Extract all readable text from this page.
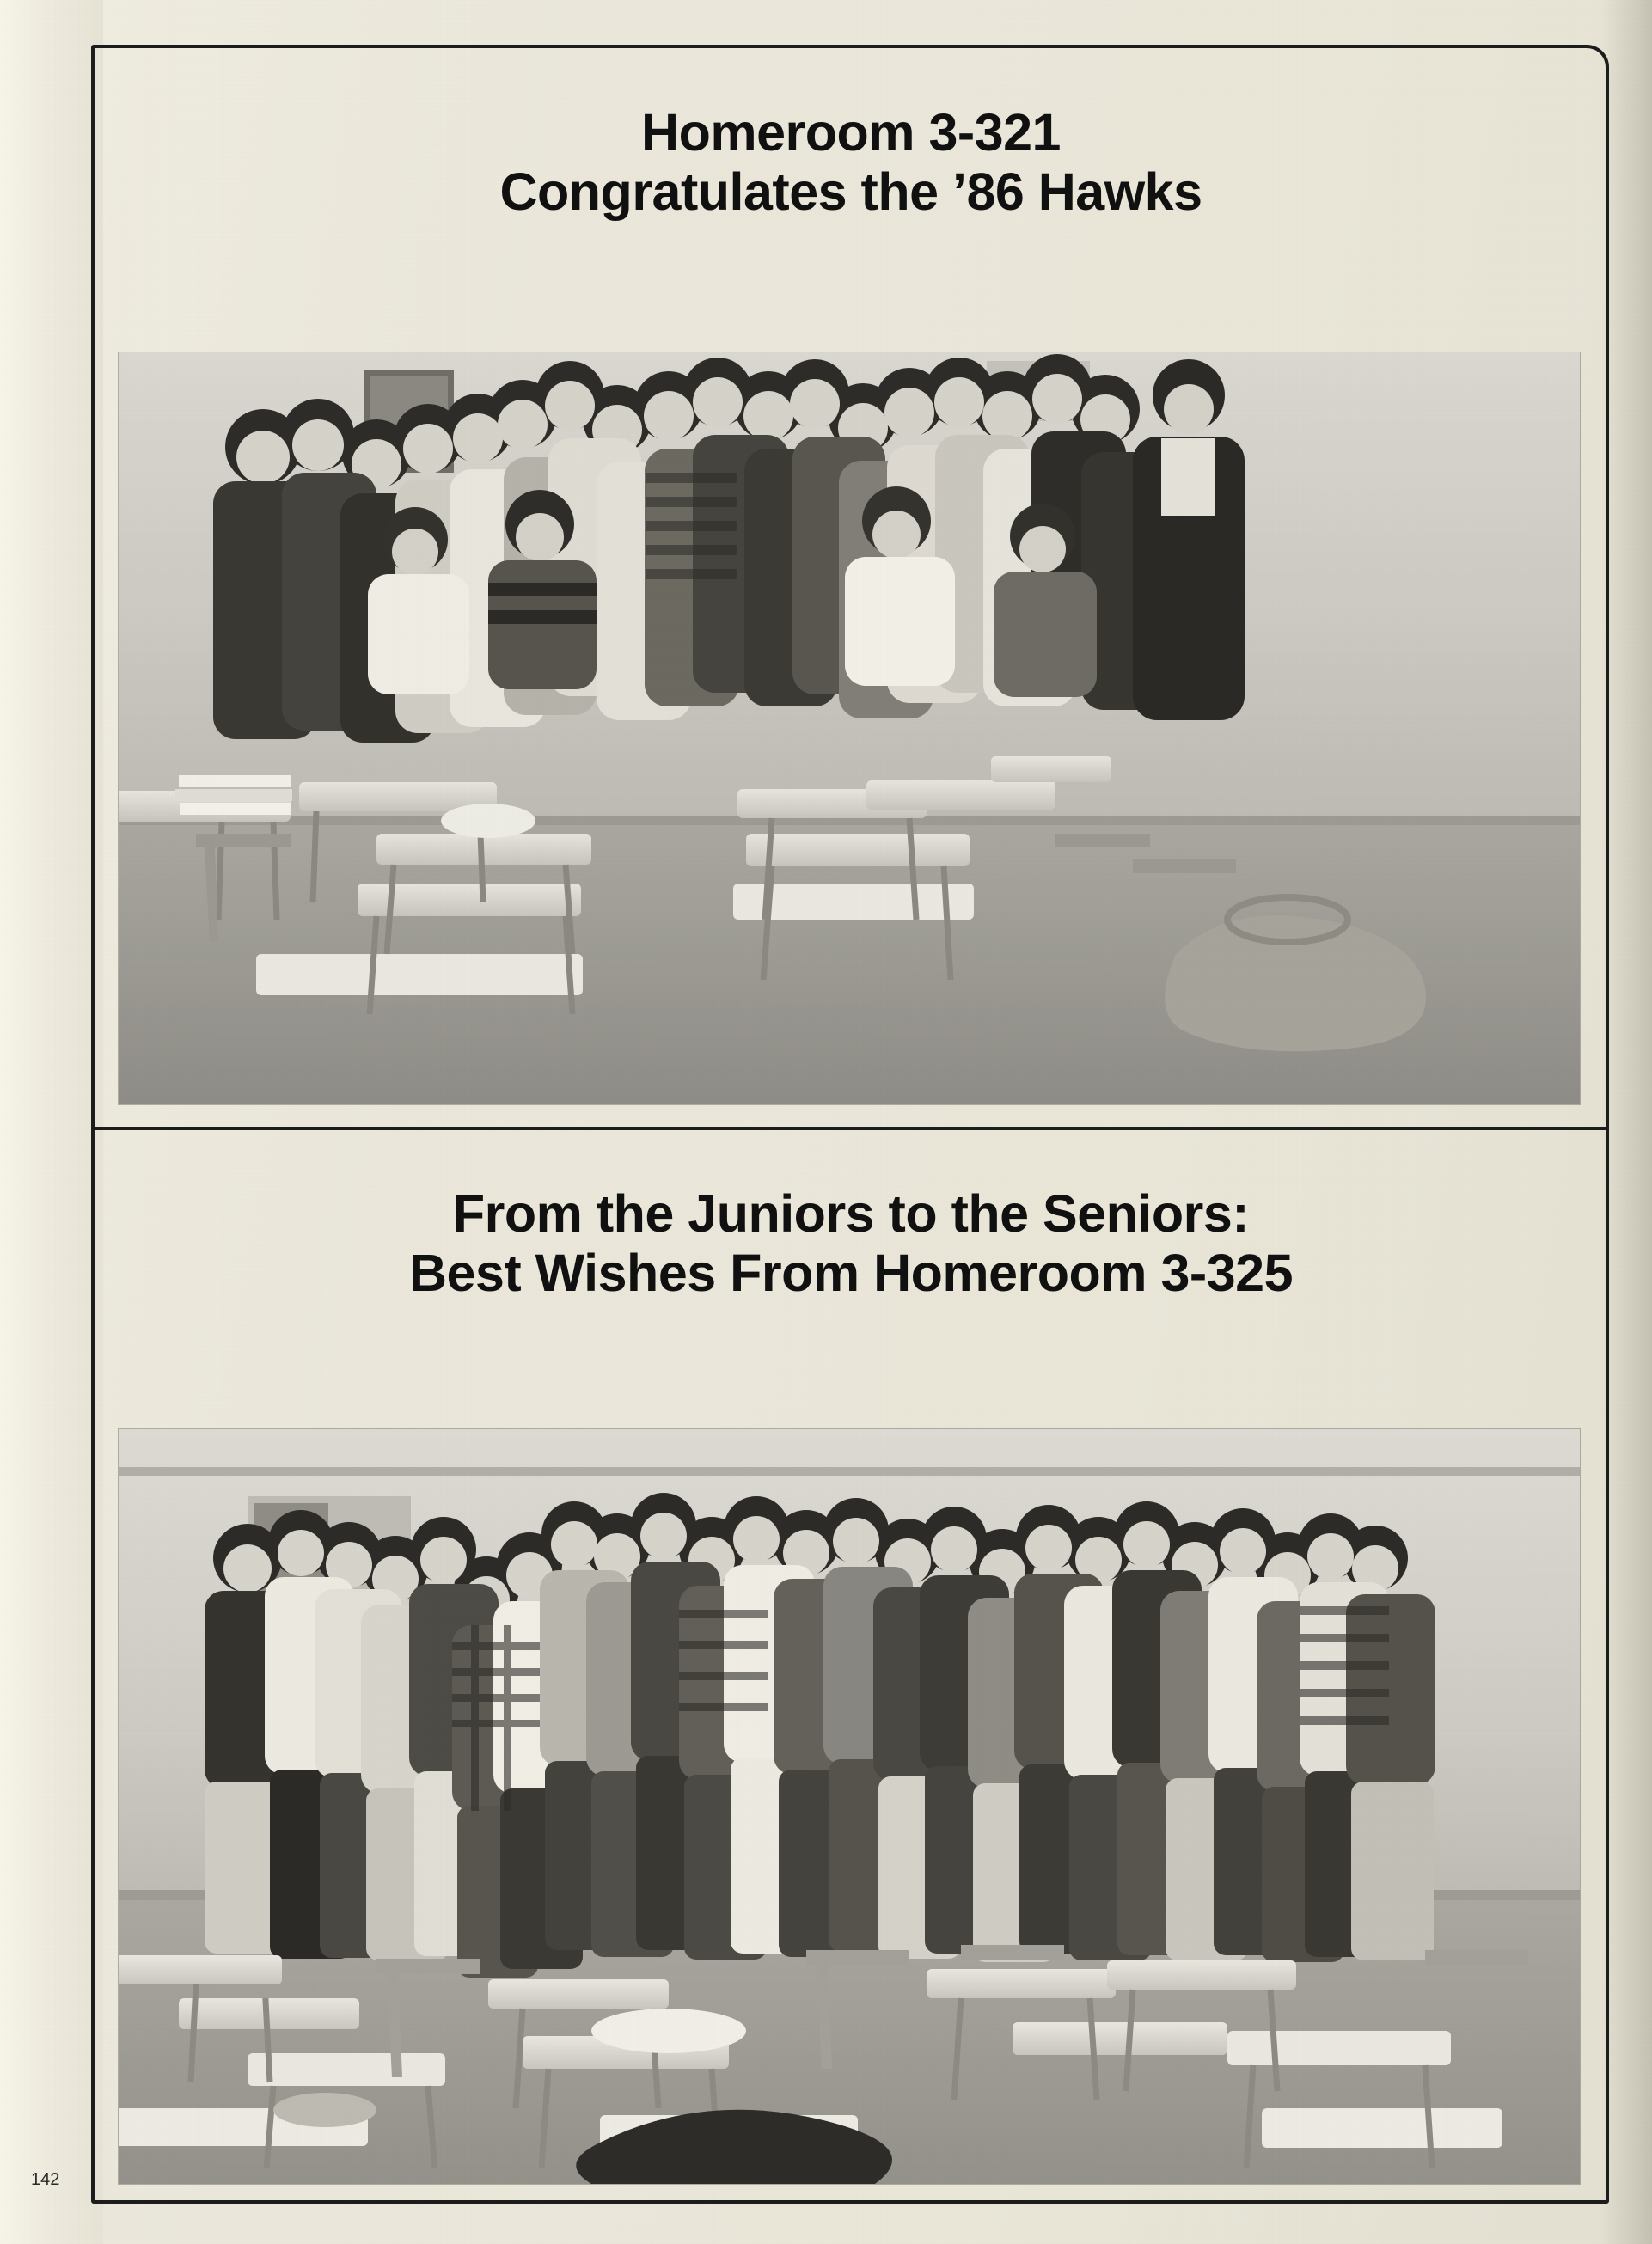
Homeroom 3-321
Congratulates the ’86 Hawks
From the Juniors to the Seniors:
Best Wishes From Homeroom 3-325
142
